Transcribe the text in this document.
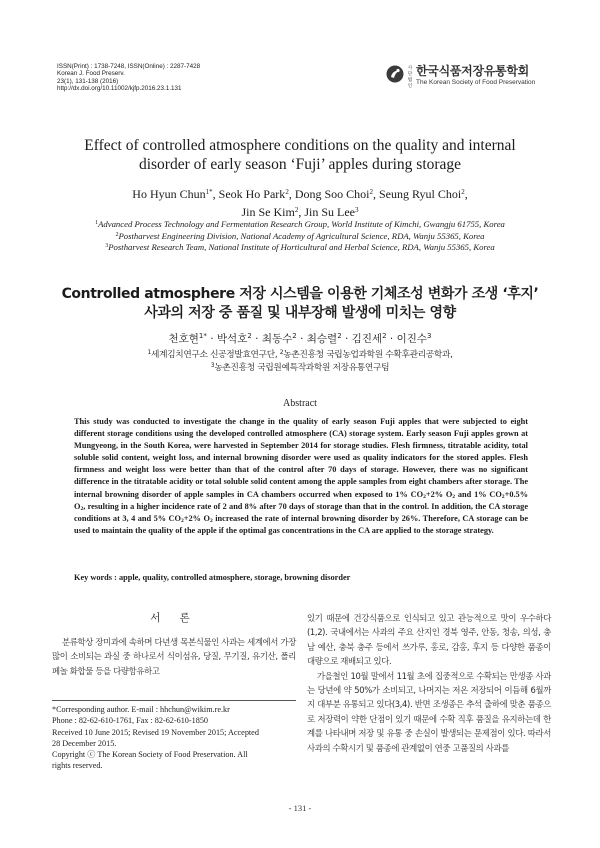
ISSN(Print) : 1738-7248, ISSN(Online) : 2287-7428
Korean J. Food Preserv.
23(1), 131-138 (2016)
http://dx.doi.org/10.11002/kjfp.2016.23.1.131
사단법인
한국식품저장유통학회
The Korean Society of Food Preservation
Effect of controlled atmosphere conditions on the quality and internal
disorder of early season ‘Fuji’ apples during storage
Ho Hyun Chun$^{1*}$, Seok Ho Park$^2$, Dong Soo Choi$^2$, Seung Ryul Choi$^2$,
Jin Se Kim$^2$, Jin Su Lee$^3$
$^1$Advanced Process Technology and Fermentation Research Group, World Institute of Kimchi, Gwangju 61755, Korea
$^2$Postharvest Engineering Division, National Academy of Agricultural Science, RDA, Wanju 55365, Korea
$^3$Postharvest Research Team, National Institute of Horticultural and Herbal Science, RDA, Wanju 55365, Korea
Controlled atmosphere 저장 시스템을 이용한 기체조성 변화가 조생 ‘후지’
사과의 저장 중 품질 및 내부장해 발생에 미치는 영향
천호현$^{1*}$ · 박석호$^2$ · 최동수$^2$ · 최승렬$^2$ · 김진세$^2$ · 이진수$^3$
$^1$세계김치연구소 신공정발효연구단, $^2$농촌진흥청 국립농업과학원 수확후관리공학과,
$^3$농촌진흥청 국립원예특작과학원 저장유통연구팀
Abstract
This study was conducted to investigate the change in the quality of early season Fuji apples that were subjected to eight different storage conditions using the developed controlled atmosphere (CA) storage system. Early season Fuji apples grown at Mungyeong, in the South Korea, were harvested in September 2014 for storage studies. Flesh firmness, titratable acidity, total soluble solid content, weight loss, and internal browning disorder were used as quality indicators for the stored apples. Flesh firmness and weight loss were better than that of the control after 70 days of storage. However, there was no significant difference in the titratable acidity or total soluble solid content among the apple samples from eight chambers after storage. The internal browning disorder of apple samples in CA chambers occurred when exposed to 1% $CO_2+2\%$ $O_2$ and 1% $CO_2+0.5\%$ $O_2$, resulting in a higher incidence rate of 2 and 8% after 70 days of storage than that in the control. In addition, the CA storage conditions at 3, 4 and 5% $CO_2+2\%$ $O_2$ increased the rate of internal browning disorder by 26%. Therefore, CA storage can be used to maintain the quality of the apple if the optimal gas concentrations in the CA are applied to the storage strategy.
Key words : apple, quality, controlled atmosphere, storage, browning disorder
서 론

분류학상 장미과에 속하며 다년생 목본식물인 사과는 세계에서 가장 많이 소비되는 과실 중 하나로서 식이섬유, 당질, 무기질, 유기산, 폴리페놀 화합물 등을 다량함유하고

있기 때문에 건강식품으로 인식되고 있고 관능적으로 맛이 우수하다(1,2). 국내에서는 사과의 주요 산지인 경북 영주, 안동, 청송, 의성, 충남 예산, 충북 충주 등에서 쓰가루, 홍로, 감홍, 후지 등 다양한 품종이 대량으로 재배되고 있다.

가을철인 10월 말에서 11월 초에 집중적으로 수확되는 만생종 사과는 당년에 약 50%가 소비되고, 나머지는 저온 저장되어 이듬해 6월까지 대부분 유통되고 있다(3,4). 반면 조생종은 추석 출하에 맞춘 품종으로 저장력이 약한 단점이 있기 때문에 수확 직후 품질을 유지하는데 한계를 나타내며 저장 및 유통 중 손실이 발생되는 문제점이 있다. 따라서 사과의 수확시기 및 품종에 관계없이 연중 고품질의 사과를

*Corresponding author. E-mail : hhchun@wikim.re.kr
Phone : 82-62-610-1761, Fax : 82-62-610-1850
Received 10 June 2015; Revised 19 November 2015; Accepted
28 December 2015.
Copyright ⓒ The Korean Society of Food Preservation. All
rights reserved.
- 131 -
